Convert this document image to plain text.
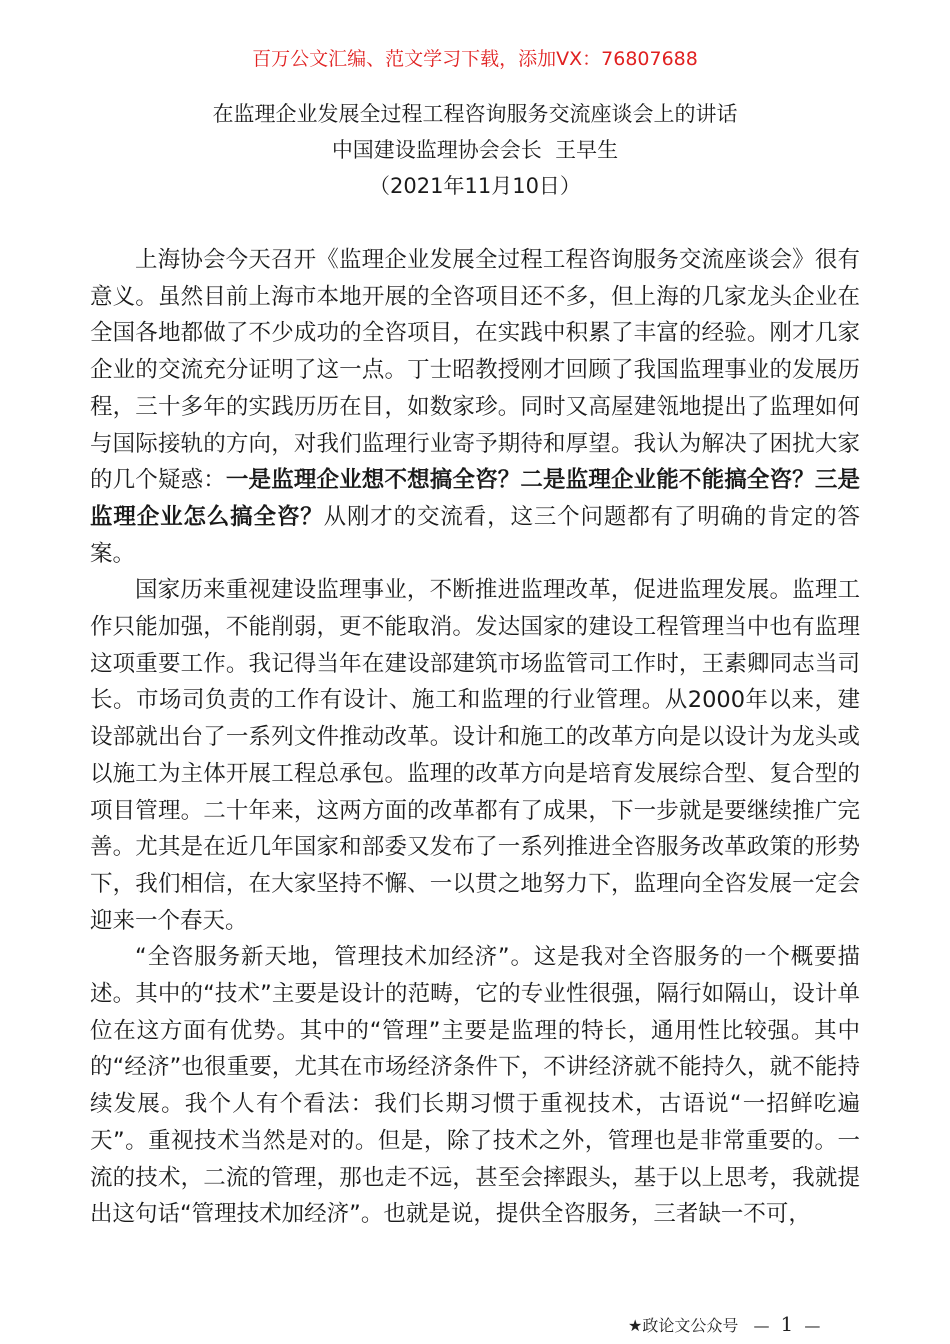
百万公文汇编、范文学习下载，添加VX：76807688
在监理企业发展全过程工程咨询服务交流座谈会上的讲话
中国建设监理协会会长  王早生
（2021年11月10日）

上海协会今天召开《监理企业发展全过程工程咨询服务交流座谈会》很有意义。虽然目前上海市本地开展的全咨项目还不多，但上海的几家龙头企业在全国各地都做了不少成功的全咨项目，在实践中积累了丰富的经验。刚才几家企业的交流充分证明了这一点。丁士昭教授刚才回顾了我国监理事业的发展历程，三十多年的实践历历在目，如数家珍。同时又高屋建瓴地提出了监理如何与国际接轨的方向，对我们监理行业寄予期待和厚望。我认为解决了困扰大家的几个疑惑：一是监理企业想不想搞全咨？二是监理企业能不能搞全咨？三是监理企业怎么搞全咨？从刚才的交流看，这三个问题都有了明确的肯定的答案。

国家历来重视建设监理事业，不断推进监理改革，促进监理发展。监理工作只能加强，不能削弱，更不能取消。发达国家的建设工程管理当中也有监理这项重要工作。我记得当年在建设部建筑市场监管司工作时，王素卿同志当司长。市场司负责的工作有设计、施工和监理的行业管理。从2000年以来，建设部就出台了一系列文件推动改革。设计和施工的改革方向是以设计为龙头或以施工为主体开展工程总承包。监理的改革方向是培育发展综合型、复合型的项目管理。二十年来，这两方面的改革都有了成果，下一步就是要继续推广完善。尤其是在近几年国家和部委又发布了一系列推进全咨服务改革政策的形势下，我们相信，在大家坚持不懈、一以贯之地努力下，监理向全咨发展一定会迎来一个春天。

“全咨服务新天地，管理技术加经济”。这是我对全咨服务的一个概要描述。其中的“技术”主要是设计的范畴，它的专业性很强，隔行如隔山，设计单位在这方面有优势。其中的“管理”主要是监理的特长，通用性比较强。其中的“经济”也很重要，尤其在市场经济条件下，不讲经济就不能持久，就不能持续发展。我个人有个看法：我们长期习惯于重视技术，古语说“一招鲜吃遍天”。重视技术当然是对的。但是，除了技术之外，管理也是非常重要的。一流的技术，二流的管理，那也走不远，甚至会摔跟头，基于以上思考，我就提出这句话“管理技术加经济”。也就是说，提供全咨服务，三者缺一不可，

★政论文公众号 — 1 —
